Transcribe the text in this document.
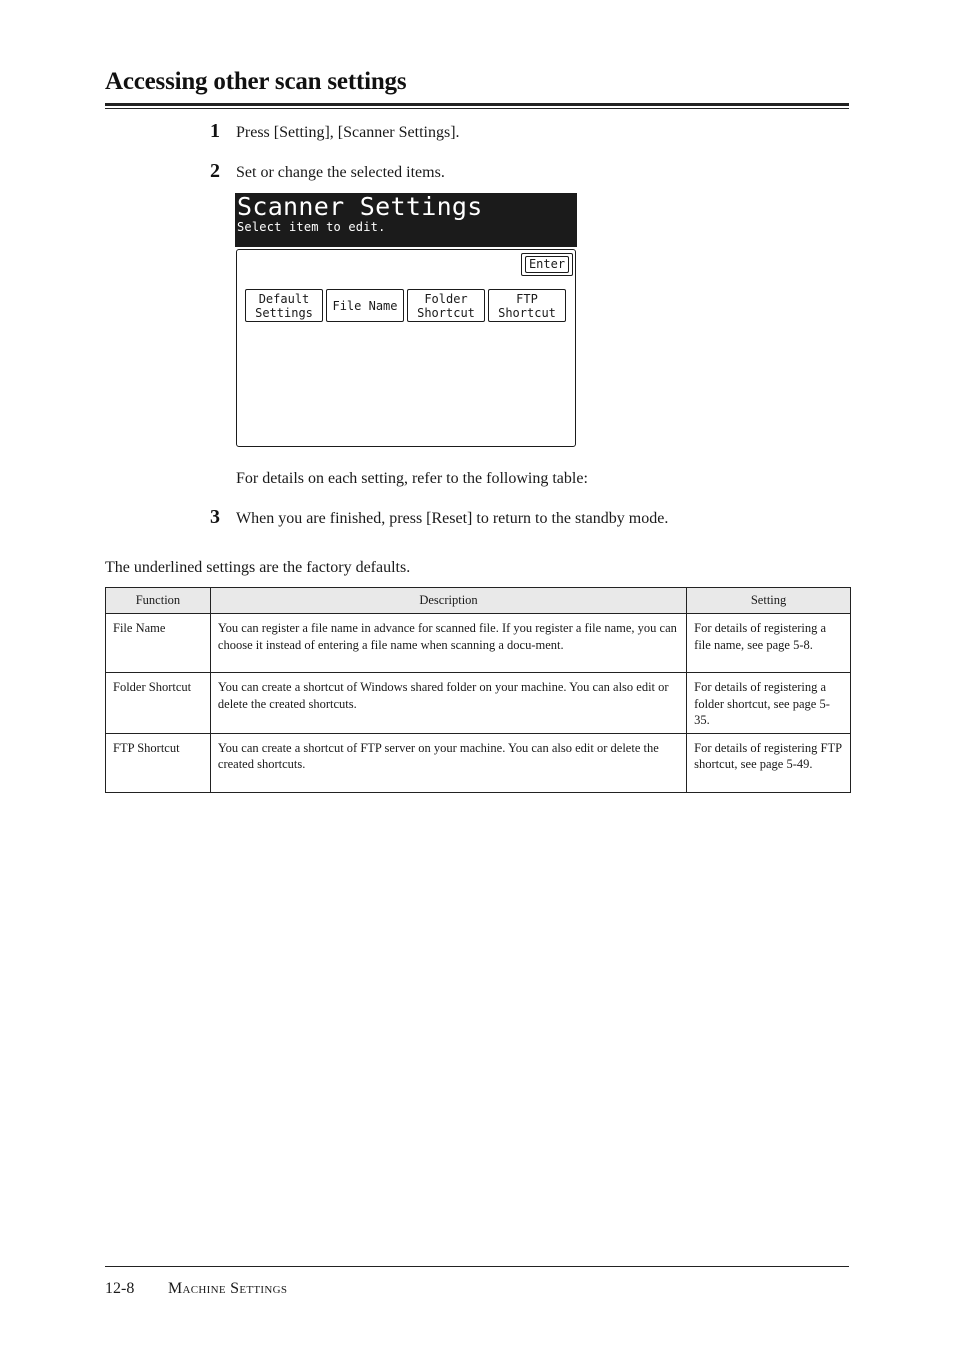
Accessing other scan settings
1 Press [Setting], [Scanner Settings].
2 Set or change the selected items.
Scanner Settings
Select item to edit.
Enter
Default
Settings	File Name	Folder
Shortcut
FTP
Shortcut
For details on each setting, refer to the following table:
3 When you are finished, press [Reset] to return to the standby mode.
The underlined settings are the factory defaults.
Function	Description	Setting
File Name	You can register a file name in advance for scanned file. If you register a file name, you can choose it instead of entering a file name when scanning a docu-ment.	For details of registering a file name, see page 5-8.
Folder Shortcut	You can create a shortcut of Windows shared folder on your machine. You can also edit or delete the created shortcuts.	For details of registering a folder shortcut, see page 5-35.
FTP Shortcut	You can create a shortcut of FTP server on your machine. You can also edit or delete the created shortcuts.	For details of registering FTP shortcut, see page 5-49.
12-8 Machine Settings
